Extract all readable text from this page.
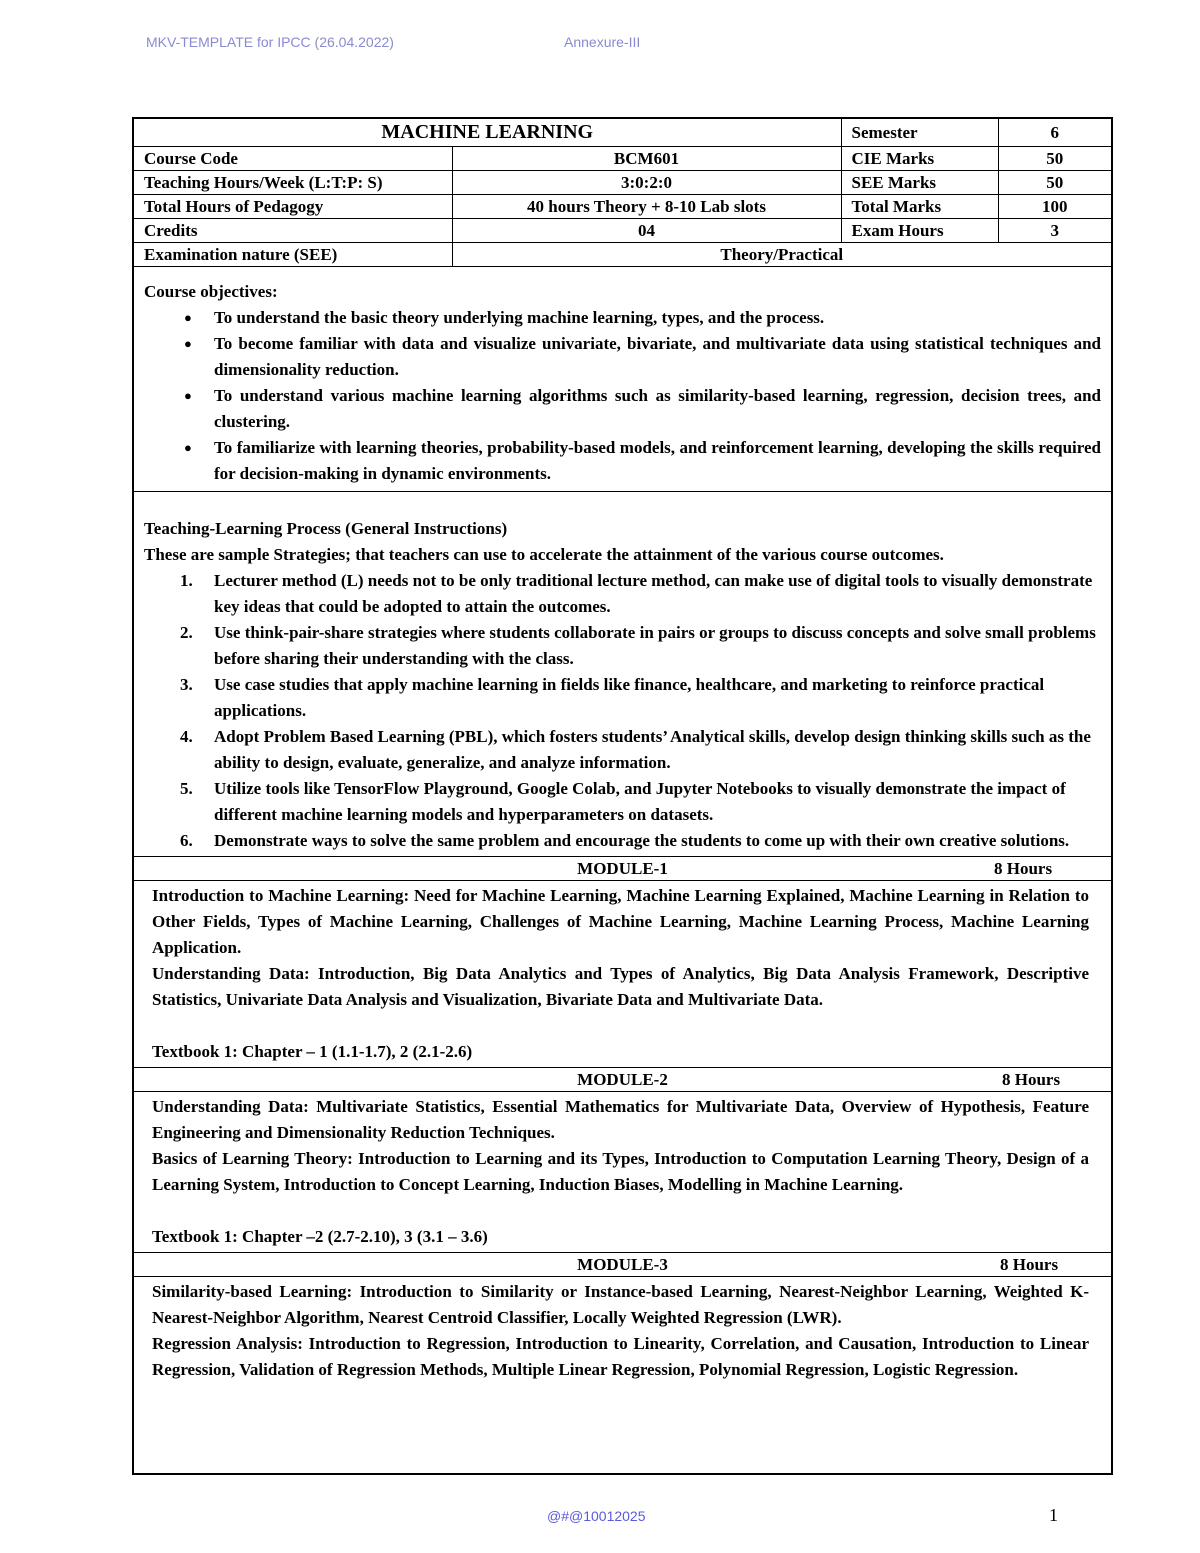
MKV-TEMPLATE for IPCC (26.04.2022)	Annexure-III
MACHINE LEARNING		Semester	6
Course Code	BCM601	CIE Marks	50
Teaching Hours/Week (L:T:P: S)	3:0:2:0	SEE Marks	50
Total Hours of Pedagogy	40 hours Theory + 8-10 Lab slots	Total Marks	100
Credits	04	Exam Hours	3
Examination nature (SEE)	Theory/Practical		
Course objectives:
● To understand the basic theory underlying machine learning, types, and the process.
● To become familiar with data and visualize univariate, bivariate, and multivariate data using statistical techniques and dimensionality reduction.
● To understand various machine learning algorithms such as similarity-based learning, regression, decision trees, and clustering.
● To familiarize with learning theories, probability-based models, and reinforcement learning, developing the skills required for decision-making in dynamic environments.
Teaching-Learning Process (General Instructions)
These are sample Strategies; that teachers can use to accelerate the attainment of the various course outcomes.
1. Lecturer method (L) needs not to be only traditional lecture method, can make use of digital tools to visually demonstrate key ideas that could be adopted to attain the outcomes.
2. Use think-pair-share strategies where students collaborate in pairs or groups to discuss concepts and solve small problems before sharing their understanding with the class.
3. Use case studies that apply machine learning in fields like finance, healthcare, and marketing to reinforce practical applications.
4. Adopt Problem Based Learning (PBL), which fosters students’ Analytical skills, develop design thinking skills such as the ability to design, evaluate, generalize, and analyze information.
5. Utilize tools like TensorFlow Playground, Google Colab, and Jupyter Notebooks to visually demonstrate the impact of different machine learning models and hyperparameters on datasets.
6. Demonstrate ways to solve the same problem and encourage the students to come up with their own creative solutions.
MODULE-1	8 Hours

Introduction to Machine Learning: Need for Machine Learning, Machine Learning Explained, Machine Learning in Relation to Other Fields, Types of Machine Learning, Challenges of Machine Learning, Machine Learning Process, Machine Learning Application.

Understanding Data: Introduction, Big Data Analytics and Types of Analytics, Big Data Analysis Framework, Descriptive Statistics, Univariate Data Analysis and Visualization, Bivariate Data and Multivariate Data.

Textbook 1: Chapter – 1 (1.1-1.7), 2 (2.1-2.6)

MODULE-2	8 Hours

Understanding Data: Multivariate Statistics, Essential Mathematics for Multivariate Data, Overview of Hypothesis, Feature Engineering and Dimensionality Reduction Techniques.

Basics of Learning Theory: Introduction to Learning and its Types, Introduction to Computation Learning Theory, Design of a Learning System, Introduction to Concept Learning, Induction Biases, Modelling in Machine Learning.

Textbook 1: Chapter –2 (2.7-2.10), 3 (3.1 – 3.6)

MODULE-3	8 Hours

Similarity-based Learning: Introduction to Similarity or Instance-based Learning, Nearest-Neighbor Learning, Weighted K-Nearest-Neighbor Algorithm, Nearest Centroid Classifier, Locally Weighted Regression (LWR).

Regression Analysis: Introduction to Regression, Introduction to Linearity, Correlation, and Causation, Introduction to Linear Regression, Validation of Regression Methods, Multiple Linear Regression, Polynomial Regression, Logistic Regression.

@#@10012025	1
